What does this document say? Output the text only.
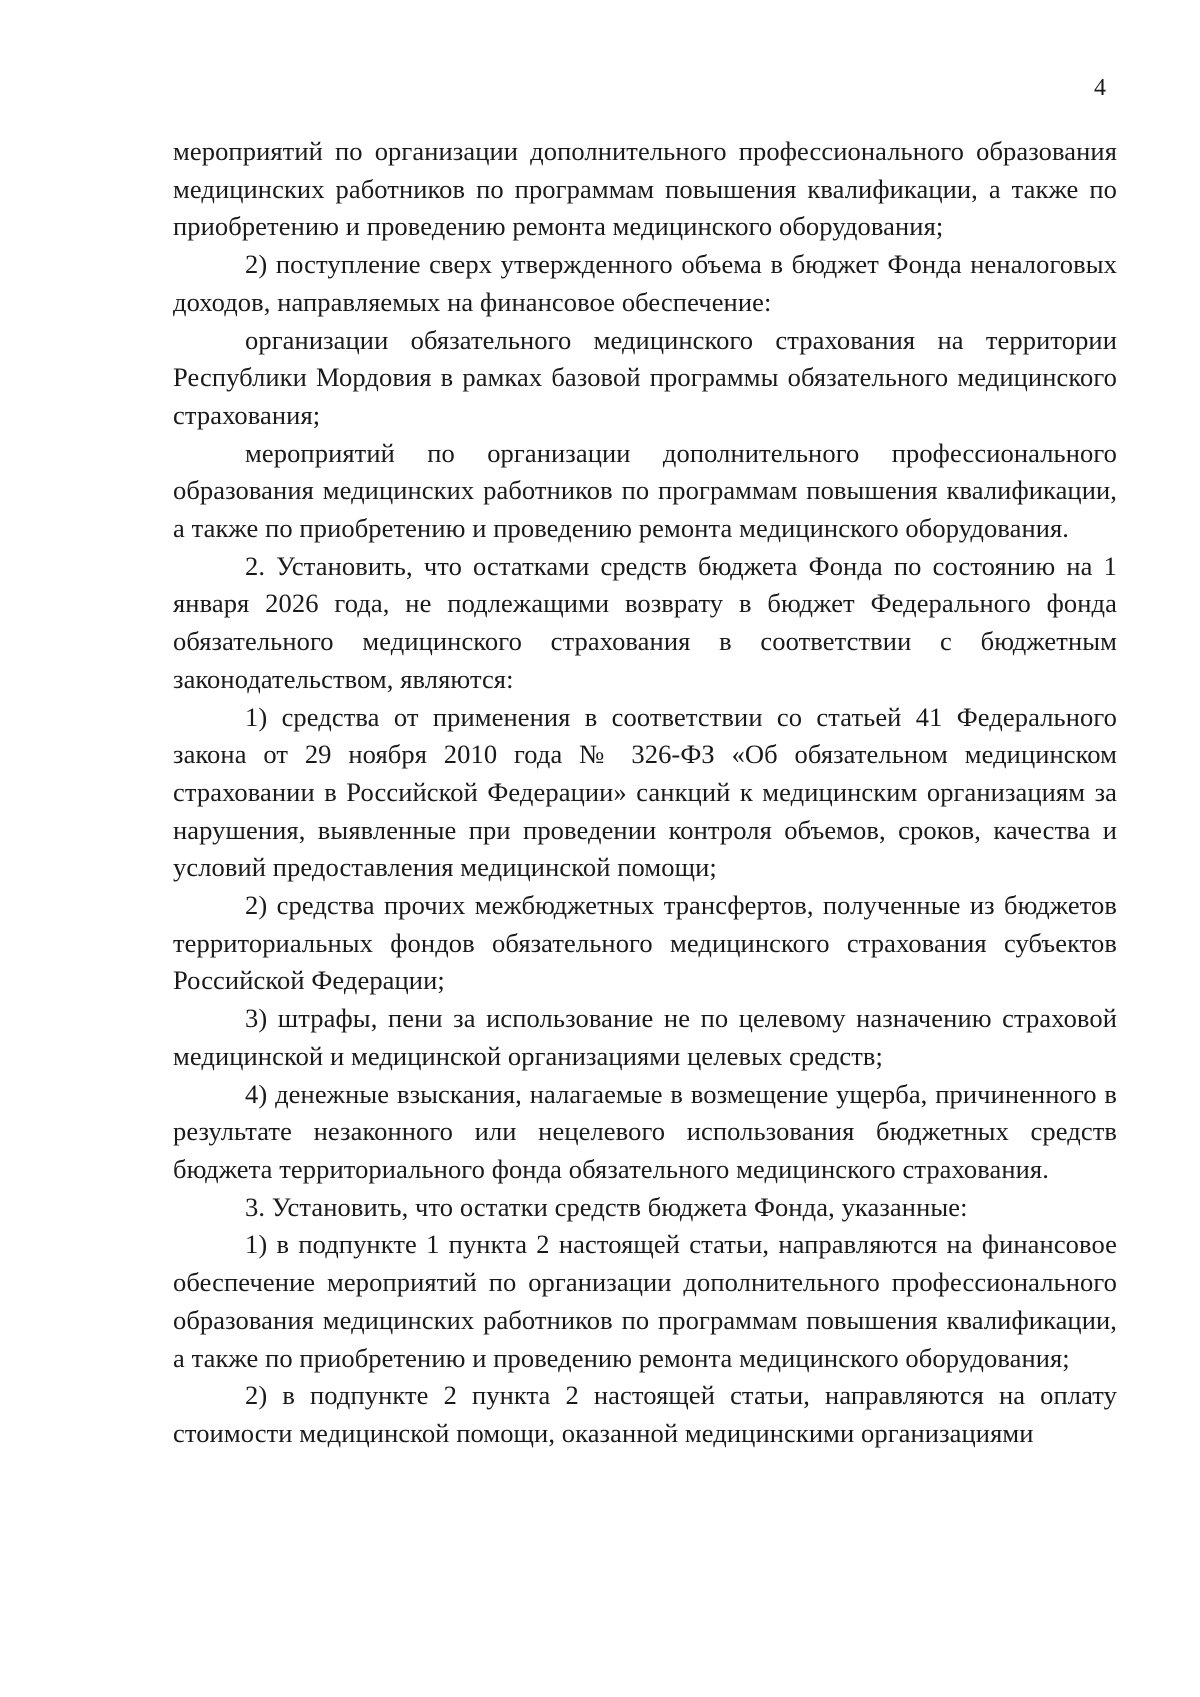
4

мероприятий по организации дополнительного профессионального образования медицинских работников по программам повышения квалификации, а также по приобретению и проведению ремонта медицинского оборудования;

2) поступление сверх утвержденного объема в бюджет Фонда неналоговых доходов, направляемых на финансовое обеспечение:

организации обязательного медицинского страхования на территории Республики Мордовия в рамках базовой программы обязательного медицинского страхования;

мероприятий по организации дополнительного профессионального образования медицинских работников по программам повышения квалификации, а также по приобретению и проведению ремонта медицинского оборудования.

2. Установить, что остатками средств бюджета Фонда по состоянию на 1 января 2026 года, не подлежащими возврату в бюджет Федерального фонда обязательного медицинского страхования в соответствии с бюджетным законодательством, являются:

1) средства от применения в соответствии со статьей 41 Федерального закона от 29 ноября 2010 года № 326-ФЗ «Об обязательном медицинском страховании в Российской Федерации» санкций к медицинским организациям за нарушения, выявленные при проведении контроля объемов, сроков, качества и условий предоставления медицинской помощи;

2) средства прочих межбюджетных трансфертов, полученные из бюджетов территориальных фондов обязательного медицинского страхования субъектов Российской Федерации;

3) штрафы, пени за использование не по целевому назначению страховой медицинской и медицинской организациями целевых средств;

4) денежные взыскания, налагаемые в возмещение ущерба, причиненного в результате незаконного или нецелевого использования бюджетных средств бюджета территориального фонда обязательного медицинского страхования.

3. Установить, что остатки средств бюджета Фонда, указанные:

1) в подпункте 1 пункта 2 настоящей статьи, направляются на финансовое обеспечение мероприятий по организации дополнительного профессионального образования медицинских работников по программам повышения квалификации, а также по приобретению и проведению ремонта медицинского оборудования;

2) в подпункте 2 пункта 2 настоящей статьи, направляются на оплату стоимости медицинской помощи, оказанной медицинскими организациями
